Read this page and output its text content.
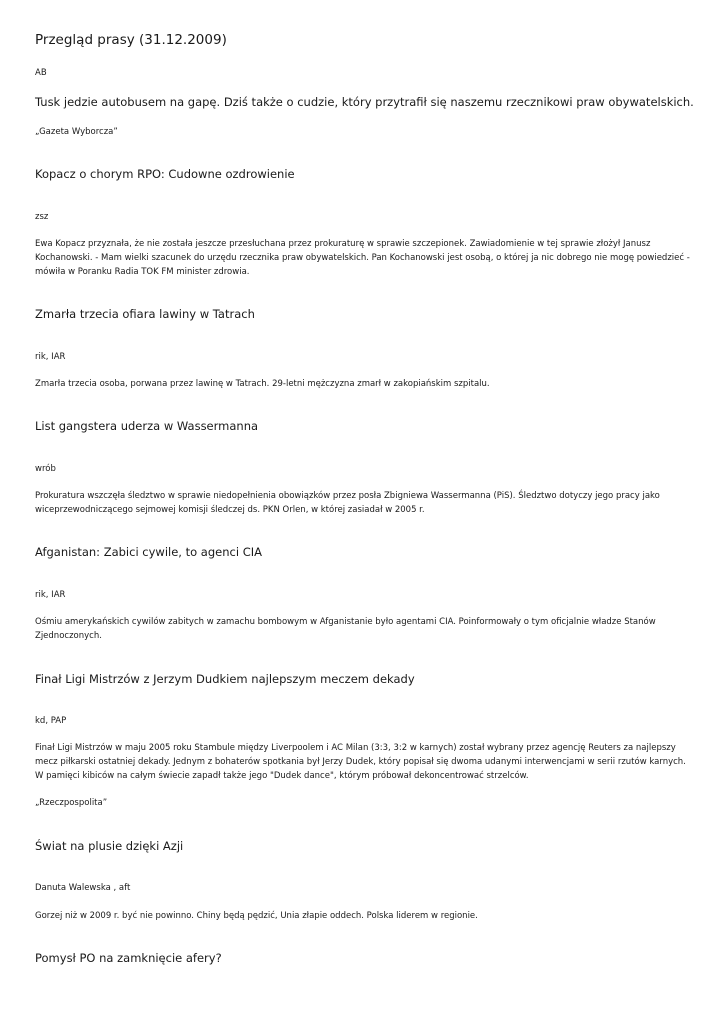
Przegląd prasy (31.12.2009)
AB
Tusk jedzie autobusem na gapę. Dziś także o cudzie, który przytrafił się naszemu rzecznikowi praw obywatelskich.
„Gazeta Wyborcza”
Kopacz o chorym RPO: Cudowne ozdrowienie
zsz

Ewa Kopacz przyznała, że nie została jeszcze przesłuchana przez prokuraturę w sprawie szczepionek. Zawiadomienie w tej sprawie złożył Janusz Kochanowski. - Mam wielki szacunek do urzędu rzecznika praw obywatelskich. Pan Kochanowski jest osobą, o której ja nic dobrego nie mogę powiedzieć - mówiła w Poranku Radia TOK FM minister zdrowia.

Zmarła trzecia ofiara lawiny w Tatrach
rik, IAR

Zmarła trzecia osoba, porwana przez lawinę w Tatrach. 29-letni mężczyzna zmarł w zakopiańskim szpitalu.

List gangstera uderza w Wassermanna
wrób

Prokuratura wszczęła śledztwo w sprawie niedopełnienia obowiązków przez posła Zbigniewa Wassermanna (PiS). Śledztwo dotyczy jego pracy jako wiceprzewodniczącego sejmowej komisji śledczej ds. PKN Orlen, w której zasiadał w 2005 r.

Afganistan: Zabici cywile, to agenci CIA
rik, IAR

Ośmiu amerykańskich cywilów zabitych w zamachu bombowym w Afganistanie było agentami CIA. Poinformowały o tym oficjalnie władze Stanów Zjednoczonych.

Finał Ligi Mistrzów z Jerzym Dudkiem najlepszym meczem dekady
kd, PAP

Finał Ligi Mistrzów w maju 2005 roku Stambule między Liverpoolem i AC Milan (3:3, 3:2 w karnych) został wybrany przez agencję Reuters za najlepszy mecz piłkarski ostatniej dekady. Jednym z bohaterów spotkania był Jerzy Dudek, który popisał się dwoma udanymi interwencjami w serii rzutów karnych. W pamięci kibiców na całym świecie zapadł także jego "Dudek dance", którym próbował dekoncentrować strzelców.

„Rzeczpospolita”
Świat na plusie dzięki Azji
Danuta Walewska , aft

Gorzej niż w 2009 r. być nie powinno. Chiny będą pędzić, Unia złapie oddech. Polska liderem w regionie.

Pomysł PO na zamknięcie afery?
